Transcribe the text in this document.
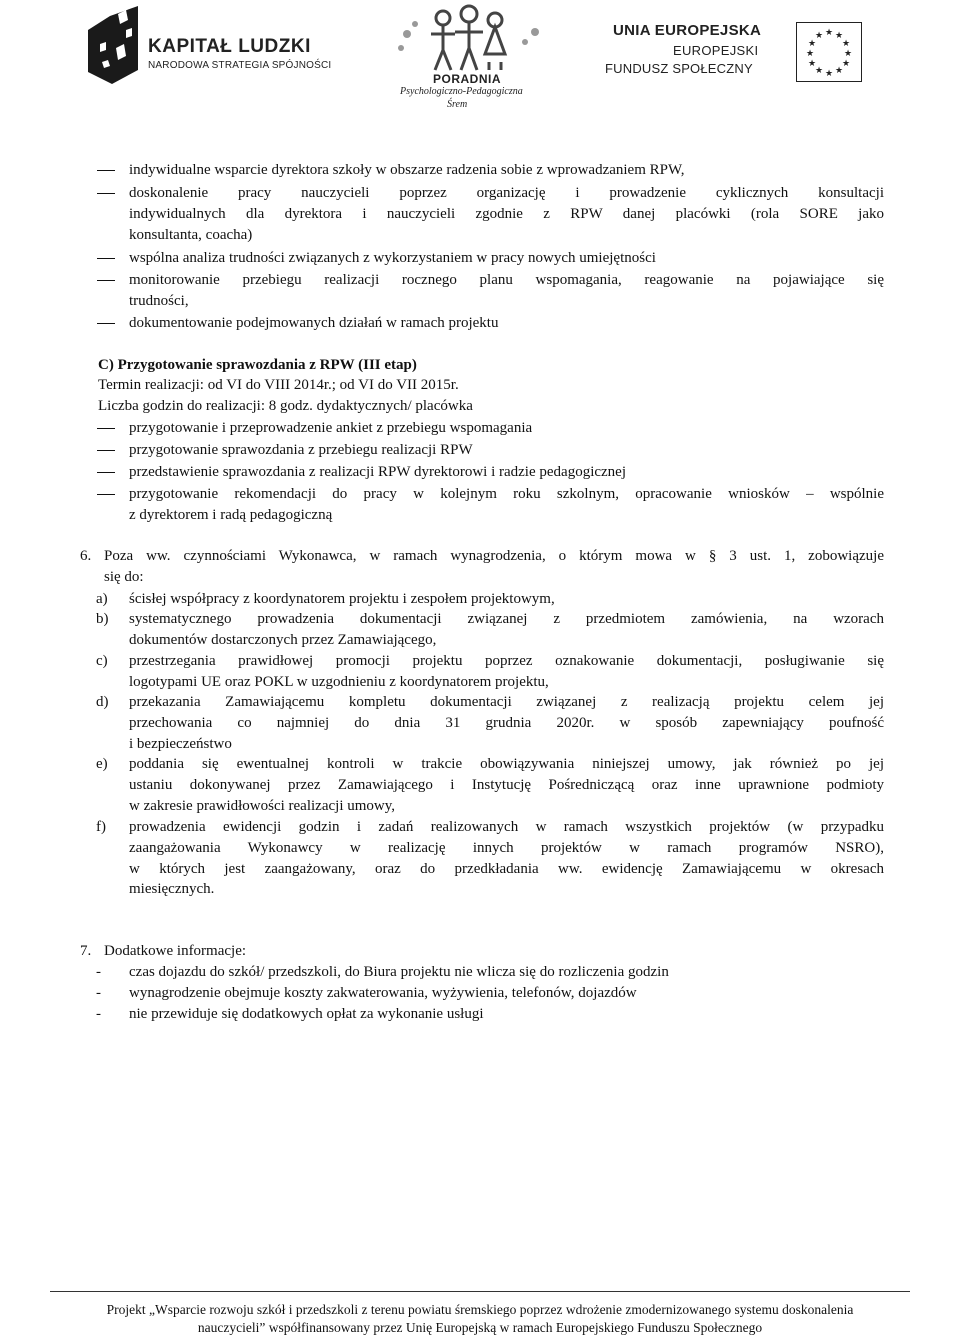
KAPITAŁ LUDZKI
NARODOWA STRATEGIA SPÓJNOŚCI
PORADNIA
Psychologiczno-Pedagogiczna
Śrem
UNIA EUROPEJSKA
EUROPEJSKI
FUNDUSZ SPOŁECZNY
★ ★
★
★
★
★
★
★
★
★
★
★
indywidualne wsparcie dyrektora szkoły w obszarze radzenia sobie z wprowadzaniem RPW,
doskonalenie pracy nauczycieli poprzez organizację i prowadzenie cyklicznych konsultacji
indywidualnych dla dyrektora i nauczycieli zgodnie z RPW danej placówki (rola SORE jako
konsultanta, coacha)
wspólna analiza trudności związanych z wykorzystaniem w pracy nowych umiejętności
monitorowanie przebiegu realizacji rocznego planu wspomagania, reagowanie na pojawiające się
trudności,
dokumentowanie podejmowanych działań w ramach projektu
C) Przygotowanie sprawozdania z RPW (III etap)
Termin realizacji: od VI do VIII 2014r.; od VI do VII 2015r.
Liczba godzin do realizacji: 8 godz. dydaktycznych/ placówka
przygotowanie i przeprowadzenie ankiet z przebiegu wspomagania
przygotowanie sprawozdania z przebiegu realizacji RPW
przedstawienie sprawozdania z realizacji RPW dyrektorowi i radzie pedagogicznej
przygotowanie rekomendacji do pracy w kolejnym roku szkolnym, opracowanie wniosków – wspólnie
z dyrektorem i radą pedagogiczną
6. Poza ww. czynnościami Wykonawca, w ramach wynagrodzenia, o którym mowa w § 3 ust. 1, zobowiązuje
się do:
a) ścisłej współpracy z koordynatorem projektu i zespołem projektowym,
b) systematycznego prowadzenia dokumentacji związanej z przedmiotem zamówienia, na wzorach
dokumentów dostarczonych przez Zamawiającego,
c) przestrzegania prawidłowej promocji projektu poprzez oznakowanie dokumentacji, posługiwanie się
logotypami UE oraz POKL w uzgodnieniu z koordynatorem projektu,
d) przekazania Zamawiającemu kompletu dokumentacji związanej z realizacją projektu celem jej
przechowania co najmniej do dnia 31 grudnia 2020r. w sposób zapewniający poufność
i bezpieczeństwo
e) poddania się ewentualnej kontroli w trakcie obowiązywania niniejszej umowy, jak również po jej
ustaniu dokonywanej przez Zamawiającego i Instytucję Pośredniczącą oraz inne uprawnione podmioty
w zakresie prawidłowości realizacji umowy,
f) prowadzenia ewidencji godzin i zadań realizowanych w ramach wszystkich projektów (w przypadku
zaangażowania Wykonawcy w realizację innych projektów w ramach programów NSRO),
w których jest zaangażowany, oraz do przedkładania ww. ewidencję Zamawiającemu w okresach
miesięcznych.
7. Dodatkowe informacje:
- czas dojazdu do szkół/ przedszkoli, do Biura projektu nie wlicza się do rozliczenia godzin
- wynagrodzenie obejmuje koszty zakwaterowania, wyżywienia, telefonów, dojazdów
- nie przewiduje się dodatkowych opłat za wykonanie usługi
Projekt „Wsparcie rozwoju szkół i przedszkoli z terenu powiatu śremskiego poprzez wdrożenie zmodernizowanego systemu doskonalenia
nauczycieli” współfinansowany przez Unię Europejską w ramach Europejskiego Funduszu Społecznego
